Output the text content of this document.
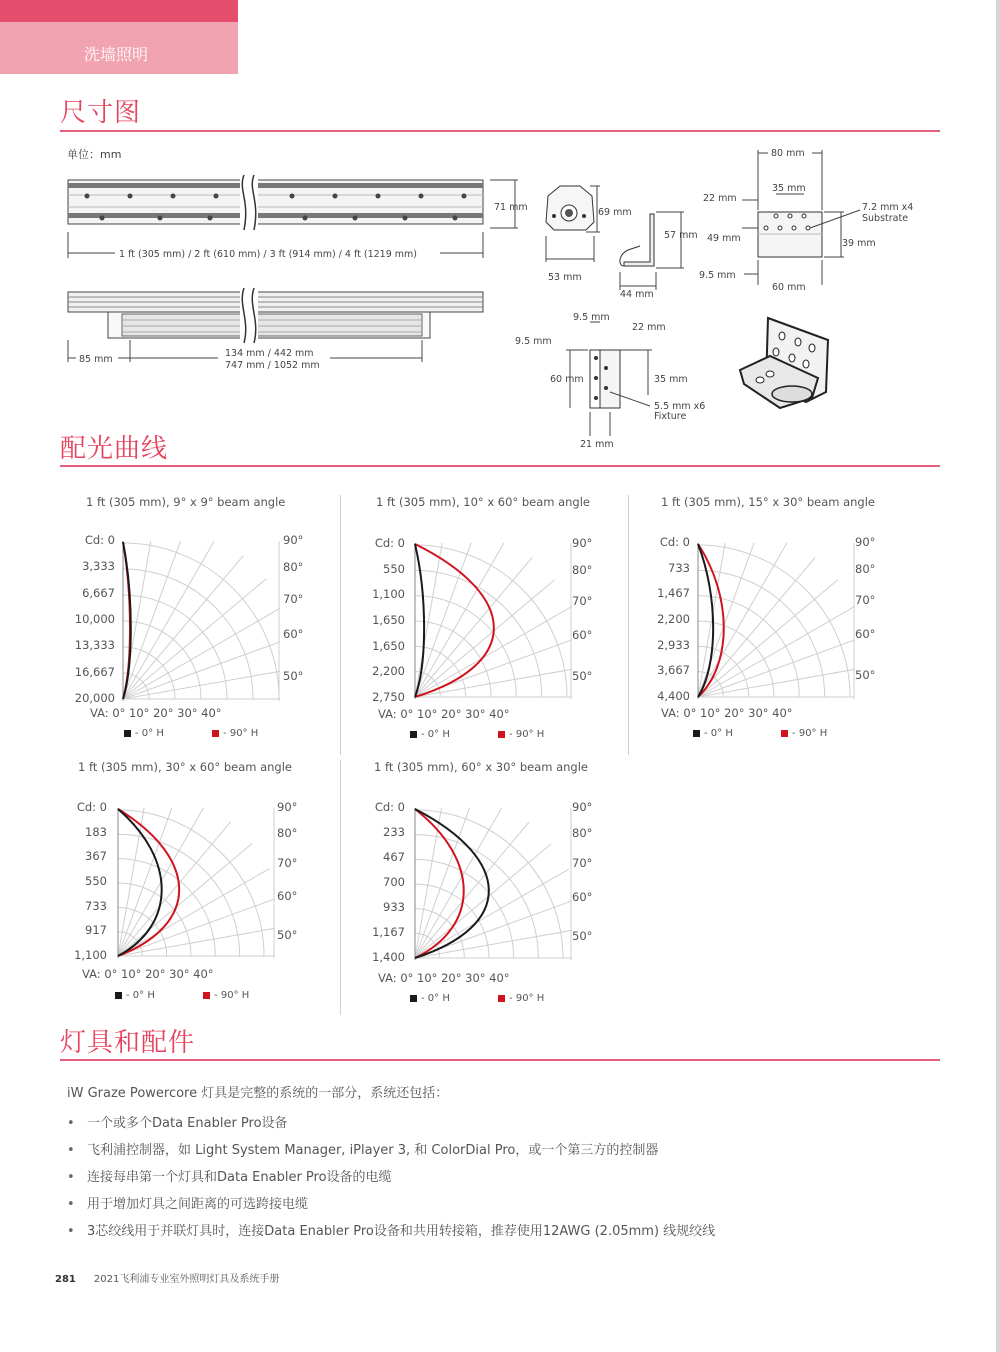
洗墙照明
尺寸图
单位：mm
71 mm
1 ft (305 mm) / 2 ft (610 mm) / 3 ft (914 mm) / 4 ft (1219 mm)
85 mm
134 mm / 442 mm
747 mm / 1052 mm
69 mm
53 mm
57 mm
44 mm
80 mm
35 mm
22 mm
49 mm
9.5 mm
60 mm
39 mm
7.2 mm x4
Substrate
9.5 mm
22 mm
9.5 mm
60 mm	35 mm
5.5 mm x6
Fixture
21 mm
配光曲线
1 ft (305 mm), 9° x 9° beam angle
Cd: 0
3,333
6,667
10,000
13,333
16,667
20,000
90°
80°
70°
60°
50°
VA: 0° 10° 20° 30° 40°
- 0° H	- 90° H
1 ft (305 mm), 10° x 60° beam angle
Cd: 0
550
1,100
1,650
1,650
2,200
2,750
90°
80°
70°
60°
50°
VA: 0° 10° 20° 30° 40°
- 0° H	- 90° H
1 ft (305 mm), 15° x 30° beam angle
Cd: 0
733
1,467
2,200
2,933
3,667
4,400
90°
80°
70°
60°
50°
VA: 0° 10° 20° 30° 40°
- 0° H	- 90° H
1 ft (305 mm), 30° x 60° beam angle
Cd: 0
183
367
550
733
917
1,100
90°
80°
70°
60°
50°
VA: 0° 10° 20° 30° 40°
- 0° H	- 90° H
1 ft (305 mm), 60° x 30° beam angle
Cd: 0
233
467
700
933
1,167
1,400
90°
80°
70°
60°
50°
VA: 0° 10° 20° 30° 40°
- 0° H	- 90° H
灯具和配件
iW Graze Powercore 灯具是完整的系统的一部分，系统还包括：
• 一个或多个Data Enabler Pro设备
• 飞利浦控制器，如 Light System Manager, iPlayer 3, 和 ColorDial Pro，或一个第三方的控制器
• 连接每串第一个灯具和Data Enabler Pro设备的电缆
• 用于增加灯具之间距离的可选跨接电缆
• 3芯绞线用于并联灯具时，连接Data Enabler Pro设备和共用转接箱，推荐使用12AWG (2.05mm) 线规绞线
281 2021飞利浦专业室外照明灯具及系统手册
